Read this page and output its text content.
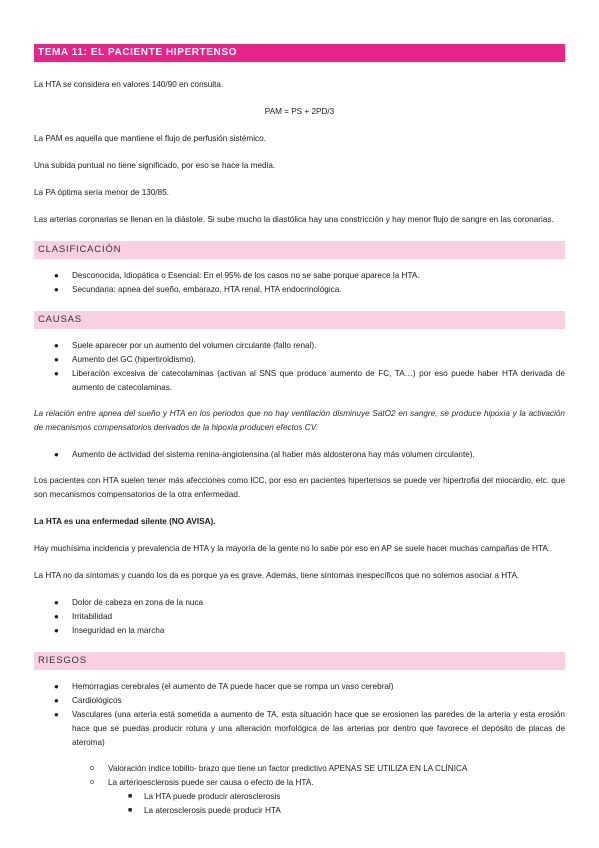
TEMA 11: EL PACIENTE HIPERTENSO

La HTA se considera en valores 140/90 en consulta.

PAM = PS + 2PD/3

La PAM es aquella que mantiene el flujo de perfusión sistémico.

Una subida puntual no tiene significado, por eso se hace la media.

La PA óptima sería menor de 130/85.

Las arterias coronarias se llenan en la diástole. Si sube mucho la diastólica hay una constricción y hay menor flujo de sangre en las coronarias.

CLASIFICACIÓN
● Desconocida, Idiopática o Esencial: En el 95% de los casos no se sabe porque aparece la HTA.
● Secundaria: apnea del sueño, embarazo, HTA renal, HTA endocrinológica.
CAUSAS
● Suele aparecer por un aumento del volumen circulante (fallo renal).
● Aumento del GC (hipertiroidismo).
● Liberación excesiva de catecolaminas (activan al SNS que produce aumento de FC, TA…) por eso puede haber HTA derivada de aumento de catecolaminas.

La relación entre apnea del sueño y HTA en los periodos que no hay ventilación disminuye SatO2 en sangre, se produce hipoxia y la activación de mecanismos compensatorios derivados de la hipoxia producen efectos CV.

● Aumento de actividad del sistema renina-angiotensina (al haber más aldosterona hay más volumen circulante).

Los pacientes con HTA suelen tener más afecciones como ICC, por eso en pacientes hipertensos se puede ver hipertrofia del miocardio, etc. que son mecanismos compensatorios de la otra enfermedad.

La HTA es una enfermedad silente (NO AVISA).

Hay muchísima incidencia y prevalencia de HTA y la mayoría de la gente no lo sabe por eso en AP se suele hacer muchas campañas de HTA.

La HTA no da síntomas y cuando los da es porque ya es grave. Además, tiene síntomas inespecíficos que no solemos asociar a HTA.

● Dolor de cabeza en zona de la nuca
● Irritabilidad
● Inseguridad en la marcha
RIESGOS
● Hemorragias cerebrales (el aumento de TA puede hacer que se rompa un vaso cerebral)
● Cardiológicos
● Vasculares (una arteria está sometida a aumento de TA, esta situación hace que se erosionen las paredes de la arteria y esta erosión hace que se puedas producir rotura y una alteración morfológica de las arterias por dentro que favorece el depósito de placas de ateroma)
o Valoración índice tobillo- brazo que tiene un factor predictivo APENAS SE UTILIZA EN LA CLÍNICA
o La arterioesclerosis puede ser causa o efecto de la HTA.
■ La HTA puede producir aterosclerosis
■ La aterosclerosis puede producir HTA
